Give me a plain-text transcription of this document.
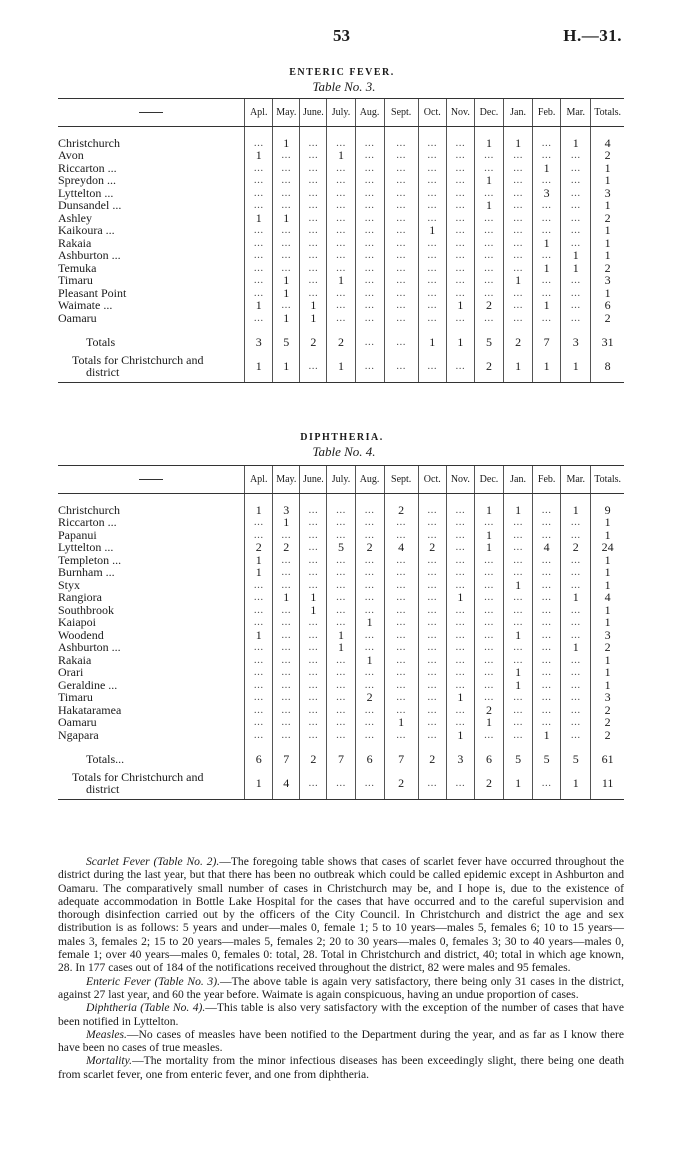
53	H.—31.
ENTERIC FEVER.
Table No. 3.
	Apl.	May.	June.	July.	Aug.	Sept.	Oct.	Nov.	Dec.	Jan.	Feb.	Mar.	Totals.

Christchurch	...	1	...	...	...	...	...	...	1	1	...	1	4
Avon	1	...	...	1	...	...	...	...	...	...	...	...	2
Riccarton ...	...	...	...	...	...	...	...	...	...	...	1	...	1
Spreydon ...	...	...	...	...	...	...	...	...	1	...	...	...	1
Lyttelton ...	...	...	...	...	...	...	...	...	...	...	3	...	3
Dunsandel ...	...	...	...	...	...	...	...	...	1	...	...	...	1
Ashley	1	1	...	...	...	...	...	...	...	...	...	...	2
Kaikoura ...	...	...	...	...	...	...	1	...	...	...	...	...	1
Rakaia	...	...	...	...	...	...	...	...	...	...	1	...	1
Ashburton ...	...	...	...	...	...	...	...	...	...	...	...	1	1
Temuka	...	...	...	...	...	...	...	...	...	...	1	1	2
Timaru	...	1	...	1	...	...	...	...	...	1	...	...	3
Pleasant Point	...	1	...	...	...	...	...	...	...	...	...	...	1
Waimate ...	1	...	1	...	...	...	...	1	2	...	1	...	6
Oamaru	...	1	1	...	...	...	...	...	...	...	...	...	2

Totals	3	5	2	2	...	...	1	1	5	2	7	3	31

Totals for Christchurch and
district	1	1	...	1	...	...	...	...	2	1	1	1	8
DIPHTHERIA.
Table No. 4.
	Apl.	May.	June.	July.	Aug.	Sept.	Oct.	Nov.	Dec.	Jan.	Feb.	Mar.	Totals.

Christchurch	1	3	...	...	...	2	...	...	1	1	...	1	9
Riccarton ...	...	1	...	...	...	...	...	...	...	...	...	...	1
Papanui	...	...	...	...	...	...	...	...	1	...	...	...	1
Lyttelton ...	2	2	...	5	2	4	2	...	1	...	4	2	24
Templeton ...	1	...	...	...	...	...	...	...	...	...	...	...	1
Burnham ...	1	...	...	...	...	...	...	...	...	...	...	...	1
Styx	...	...	...	...	...	...	...	...	...	1	...	...	1
Rangiora	...	1	1	...	...	...	...	1	...	...	...	1	4
Southbrook	...	...	1	...	...	...	...	...	...	...	...	...	1
Kaiapoi	...	...	...	...	1	...	...	...	...	...	...	...	1
Woodend	1	...	...	1	...	...	...	...	...	1	...	...	3
Ashburton ...	...	...	...	1	...	...	...	...	...	...	...	1	2
Rakaia	...	...	...	...	1	...	...	...	...	...	...	...	1
Orari	...	...	...	...	...	...	...	...	...	1	...	...	1
Geraldine ...	...	...	...	...	...	...	...	...	...	1	...	...	1
Timaru	...	...	...	...	2	...	...	1	...	...	...	...	3
Hakataramea	...	...	...	...	...	...	...	...	2	...	...	...	2
Oamaru	...	...	...	...	...	1	...	...	1	...	...	...	2
Ngapara	...	...	...	...	...	...	...	1	...	...	1	...	2

Totals...	6	7	2	7	6	7	2	3	6	5	5	5	61

Totals for Christchurch and
district	1	4	...	...	...	2	...	...	2	1	...	1	11

Scarlet Fever (Table No. 2).—The foregoing table shows that cases of scarlet fever have occurred throughout the district during the last year, but that there has been no outbreak which could be called epidemic except in Ashburton and Oamaru. The comparatively small number of cases in Christchurch may be, and I hope is, due to the existence of adequate accommodation in Bottle Lake Hospital for the cases that have occurred and to the careful supervision and thorough disinfection carried out by the officers of the City Council. In Christchurch and district the age and sex distribution is as follows: 5 years and under—males 0, female 1; 5 to 10 years—males 5, females 6; 10 to 15 years—males 3, females 2; 15 to 20 years—males 5, females 2; 20 to 30 years—males 0, females 3; 30 to 40 years—males 0, female 1; over 40 years—males 0, females 0: total, 28. Total in Christchurch and district, 40; total in which age known, 28. In 177 cases out of 184 of the notifications received throughout the district, 82 were males and 95 females.

Enteric Fever (Table No. 3).—The above table is again very satisfactory, there being only 31 cases in the district, against 27 last year, and 60 the year before. Waimate is again conspicuous, having an undue proportion of cases.

Diphtheria (Table No. 4).—This table is also very satisfactory with the exception of the number of cases that have been notified in Lyttelton.

Measles.—No cases of measles have been notified to the Department during the year, and as far as I know there have been no cases of true measles.

Mortality.—The mortality from the minor infectious diseases has been exceedingly slight, there being one death from scarlet fever, one from enteric fever, and one from diphtheria.
